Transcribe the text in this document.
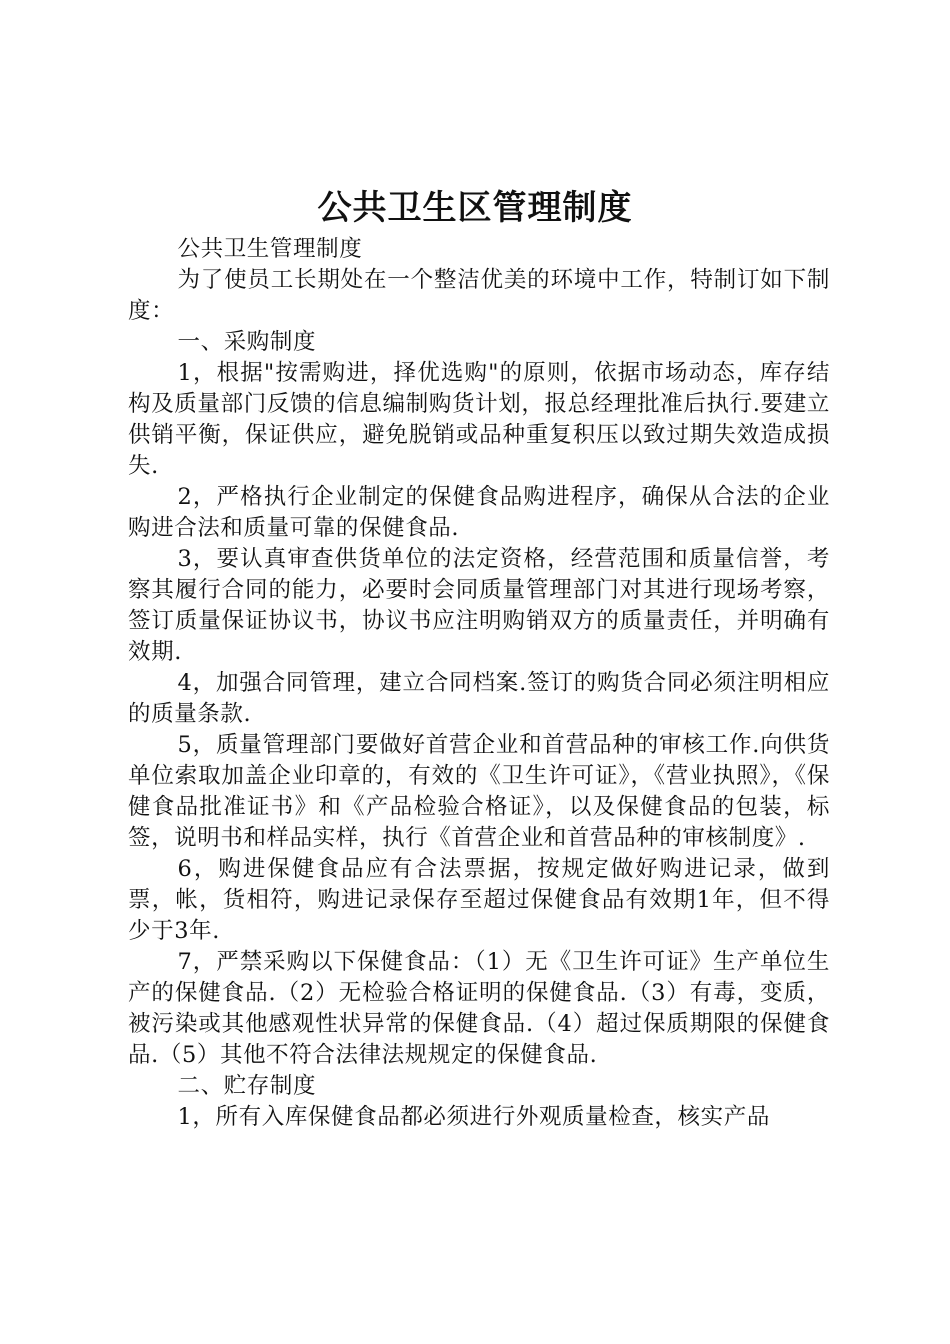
公共卫生区管理制度

公共卫生管理制度

为了使员工长期处在一个整洁优美的环境中工作，特制订如下制度：

一、采购制度

1，根据"按需购进，择优选购"的原则，依据市场动态，库存结构及质量部门反馈的信息编制购货计划，报总经理批准后执行.要建立供销平衡，保证供应，避免脱销或品种重复积压以致过期失效造成损失.

2，严格执行企业制定的保健食品购进程序，确保从合法的企业购进合法和质量可靠的保健食品.

3，要认真审查供货单位的法定资格，经营范围和质量信誉，考察其履行合同的能力，必要时会同质量管理部门对其进行现场考察，签订质量保证协议书，协议书应注明购销双方的质量责任，并明确有效期.

4，加强合同管理，建立合同档案.签订的购货合同必须注明相应的质量条款.

5，质量管理部门要做好首营企业和首营品种的审核工作.向供货单位索取加盖企业印章的，有效的《卫生许可证》，《营业执照》，《保健食品批准证书》和《产品检验合格证》，以及保健食品的包装，标签，说明书和样品实样，执行《首营企业和首营品种的审核制度》.

6，购进保健食品应有合法票据，按规定做好购进记录，做到票，帐，货相符，购进记录保存至超过保健食品有效期1年，但不得少于3年.

7，严禁采购以下保健食品：（1）无《卫生许可证》生产单位生产的保健食品.（2）无检验合格证明的保健食品.（3）有毒，变质，被污染或其他感观性状异常的保健食品.（4）超过保质期限的保健食品.（5）其他不符合法律法规规定的保健食品.

二、贮存制度

1，所有入库保健食品都必须进行外观质量检查，核实产品
